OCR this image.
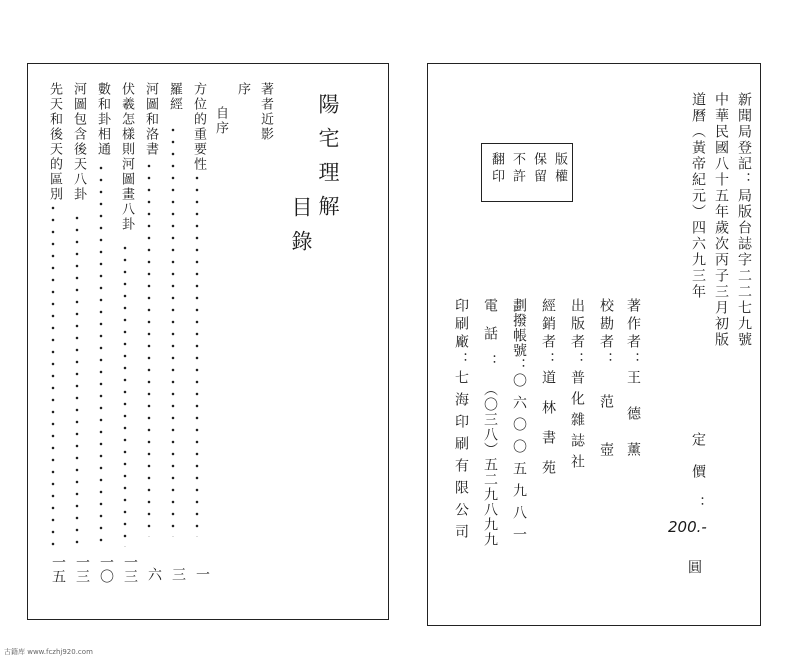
陽宅理解
目錄
著者近影
序
自序
方位的重要性
一
羅經
三
河圖和洛書
六
伏羲怎樣則河圖畫八卦
一三
數和卦相通
一〇
河圖包含後天八卦
一三
先天和後天的區別
一五
新聞局登記：局版台誌字二二七九號
中華民國八十五年歲次丙子三月初版
道曆（黃帝紀元）四六九三年
版權
保留
不許
翻印
著作者：王德薰
校勘者：范壺
出版者：普化雜誌社
經銷者：道林書苑
劃撥帳號：〇六〇〇五九八一
電話：（〇三八）五二九八九九
印刷廠：七海印刷有限公司	定價：
200.-
圓
古籍库 www.fczhj920.com
